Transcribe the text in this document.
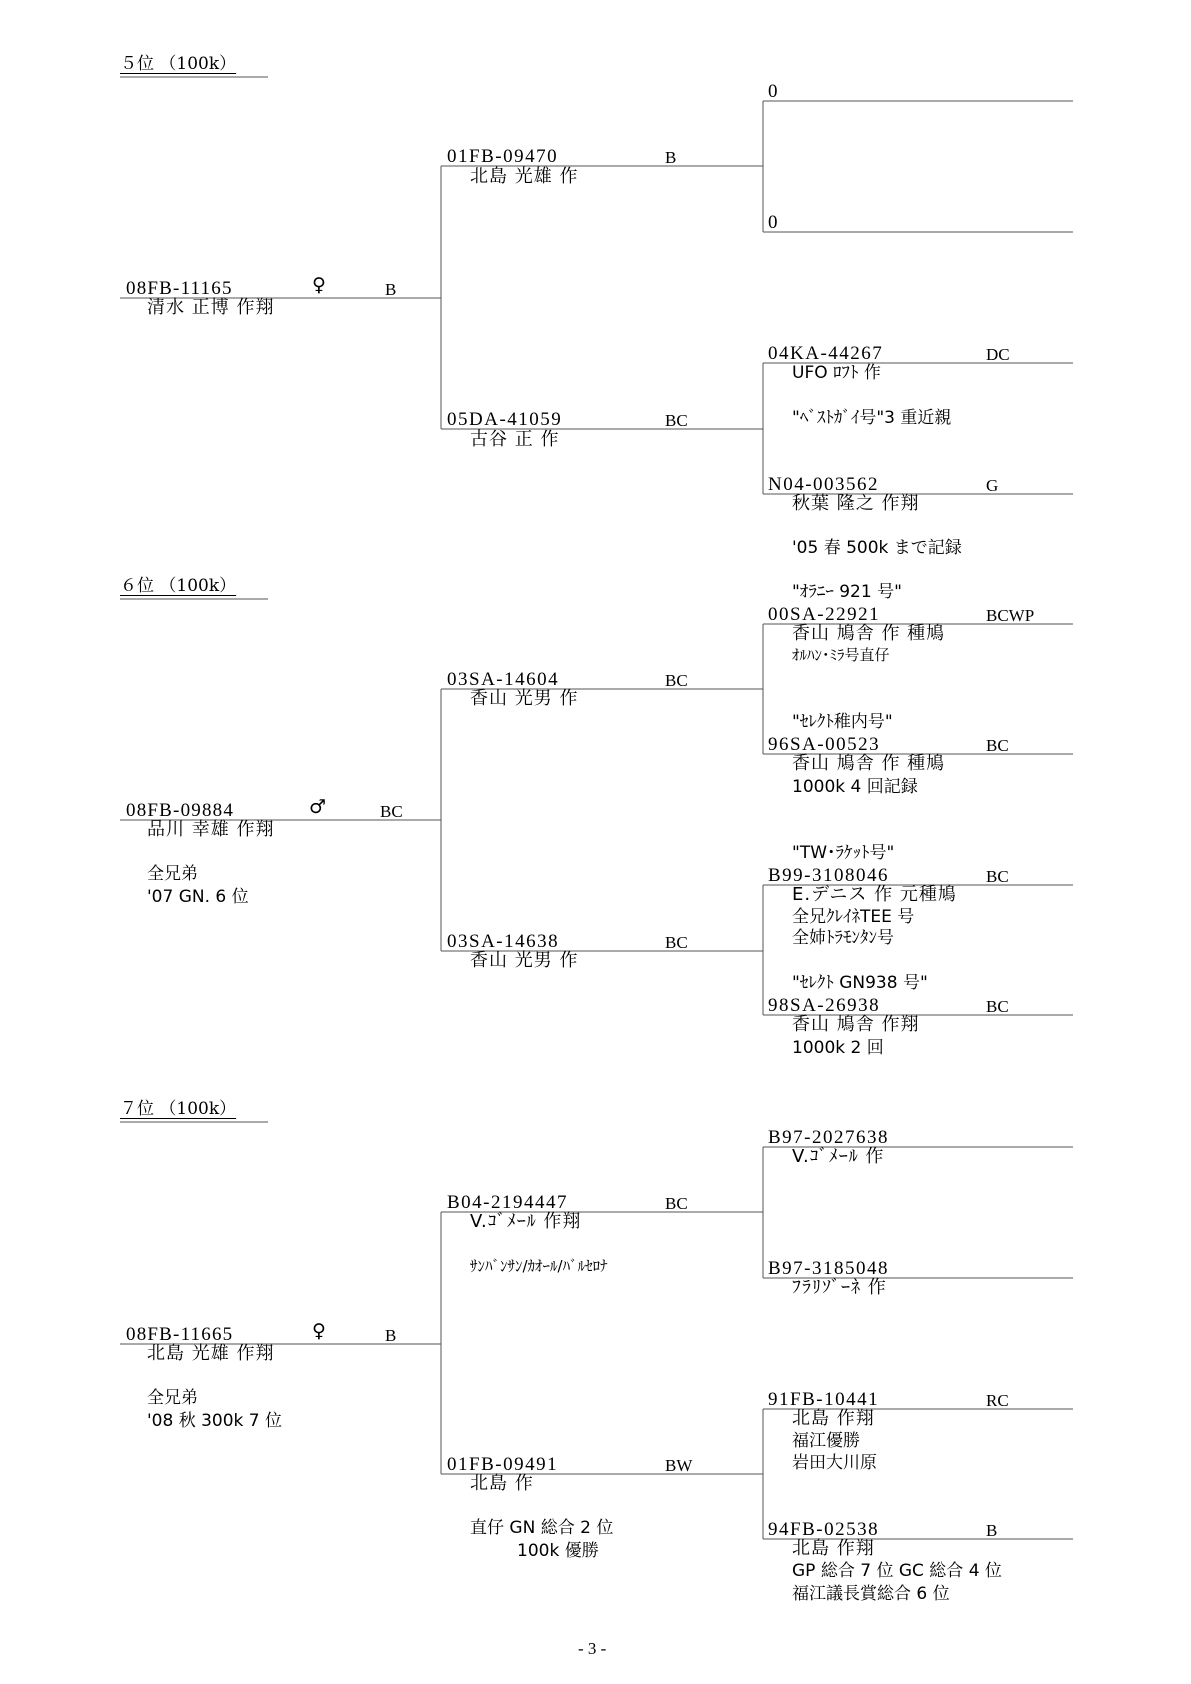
５位 （100k）
08FB-11165	♀	B
清水 正博 作翔
01FB-09470	B
北島 光雄 作
05DA-41059	BC
古谷 正 作
0
0
04KA-44267	DC
UFO ﾛﾌﾄ 作
"ﾍﾞｽﾄｶﾞｲ号"3 重近親
N04-003562	G
秋葉 隆之 作翔
'05 春 500k まで記録
６位 （100k）	"ｵﾗﾆｰ 921 号"
08FB-09884	♂	BC
品川 幸雄 作翔
全兄弟
'07 GN. 6 位
03SA-14604	BC
香山 光男 作
03SA-14638	BC
香山 光男 作
00SA-22921	BCWP
香山 鳩舎 作 種鳩
ｵﾙﾊﾝ･ﾐﾗ号直仔
"ｾﾚｸﾄ稚内号"
96SA-00523	BC
香山 鳩舎 作 種鳩
1000k 4 回記録
"TW･ﾗｹｯﾄ号"
B99-3108046	BC
E.デニス 作 元種鳩
全兄ｸﾚｲﾈTEE 号
全姉ﾄﾗﾓﾝﾀﾝ号
"ｾﾚｸﾄ GN938 号"
98SA-26938	BC
香山 鳩舎 作翔
1000k 2 回
７位 （100k）
08FB-11665	♀	B
北島 光雄 作翔
全兄弟
'08 秋 300k 7 位
B04-2194447	BC
V.ｺﾞﾒｰﾙ 作翔
ｻﾝﾊﾞﾝｻﾝ/ｶｵｰﾙ/ﾊﾞﾙｾﾛﾅ
01FB-09491	BW
北島 作
直仔 GN 総合 2 位
100k 優勝
B97-2027638
V.ｺﾞﾒｰﾙ 作
B97-3185048
ﾌﾗﾘｿﾞｰﾈ 作
91FB-10441	RC
北島 作翔
福江優勝
岩田大川原
94FB-02538	B
北島 作翔
GP 総合 7 位 GC 総合 4 位
福江議長賞総合 6 位
- 3 -
